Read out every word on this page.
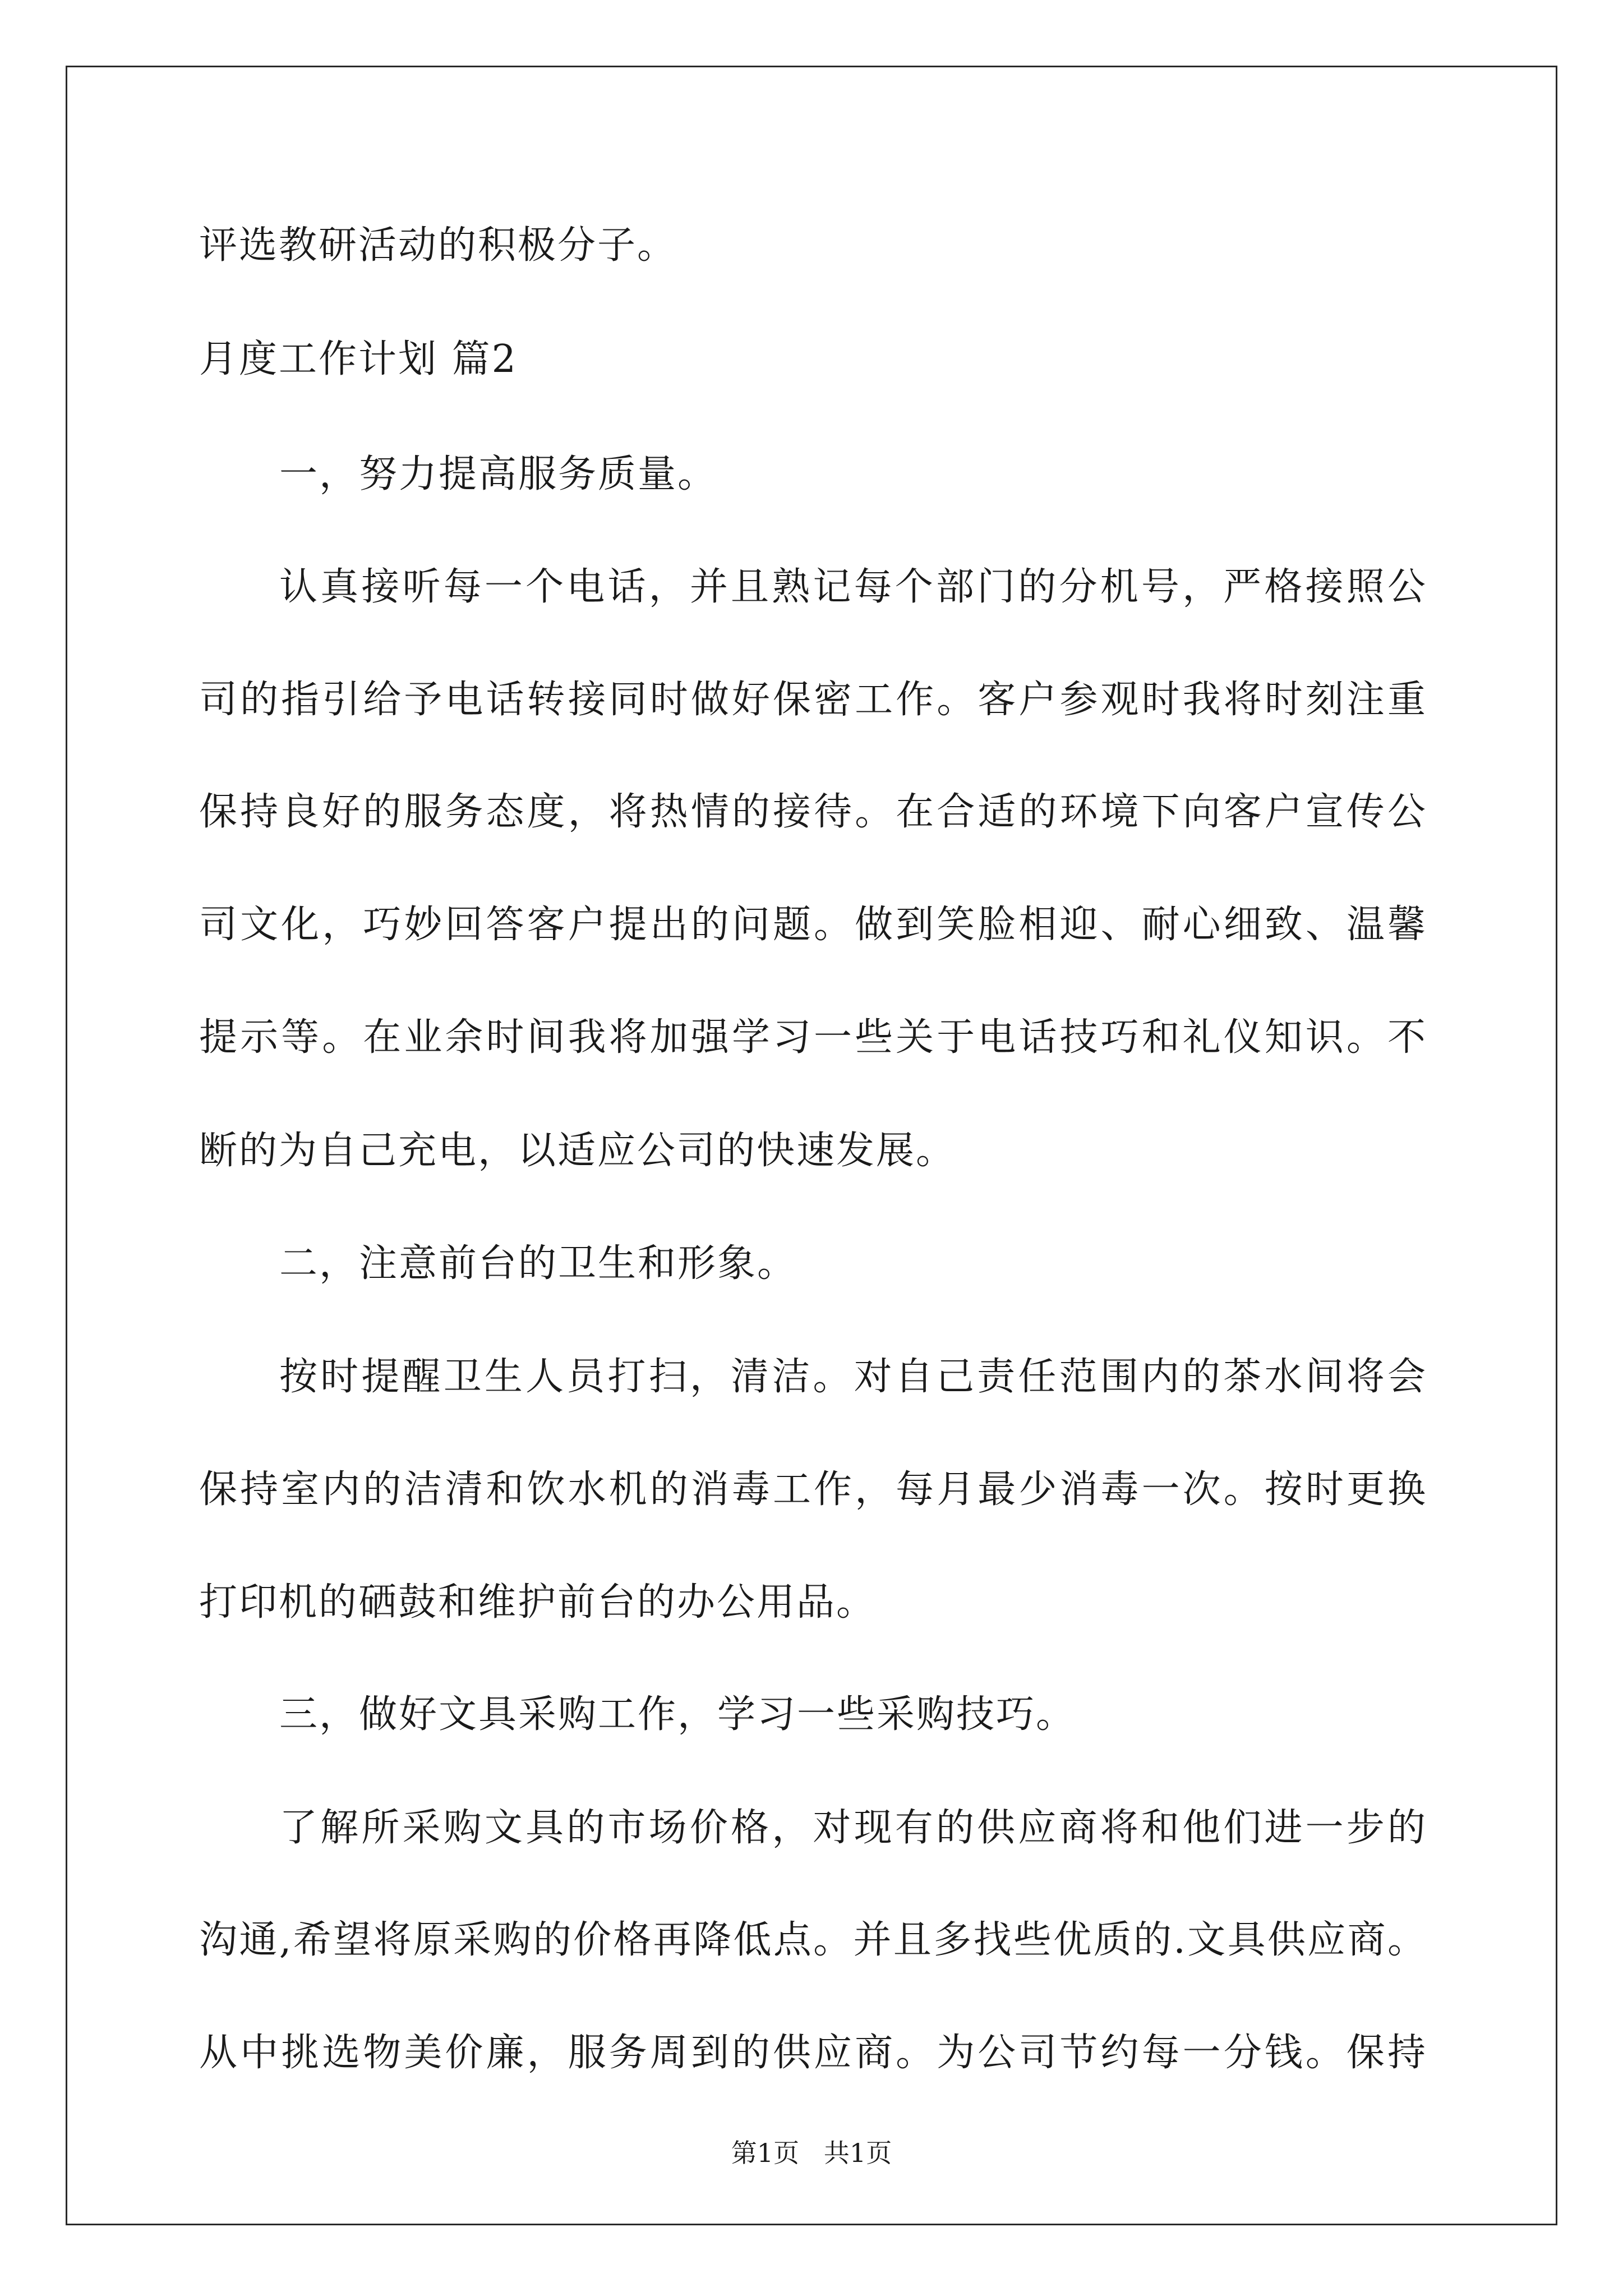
评选教研活动的积极分子。
月度工作计划 篇2
一，努力提高服务质量。
认真接听每一个电话，并且熟记每个部门的分机号，严格接照公
司的指引给予电话转接同时做好保密工作。客户参观时我将时刻注重
保持良好的服务态度，将热情的接待。在合适的环境下向客户宣传公
司文化，巧妙回答客户提出的问题。做到笑脸相迎、耐心细致、温馨
提示等。在业余时间我将加强学习一些关于电话技巧和礼仪知识。不
断的为自己充电，以适应公司的快速发展。
二，注意前台的卫生和形象。
按时提醒卫生人员打扫，清洁。对自己责任范围内的茶水间将会
保持室内的洁清和饮水机的消毒工作，每月最少消毒一次。按时更换
打印机的硒鼓和维护前台的办公用品。
三，做好文具采购工作，学习一些采购技巧。
了解所采购文具的市场价格，对现有的供应商将和他们进一步的
沟通,希望将原采购的价格再降低点。并且多找些优质的.文具供应商。
从中挑选物美价廉，服务周到的供应商。为公司节约每一分钱。保持
第1页   共1页
